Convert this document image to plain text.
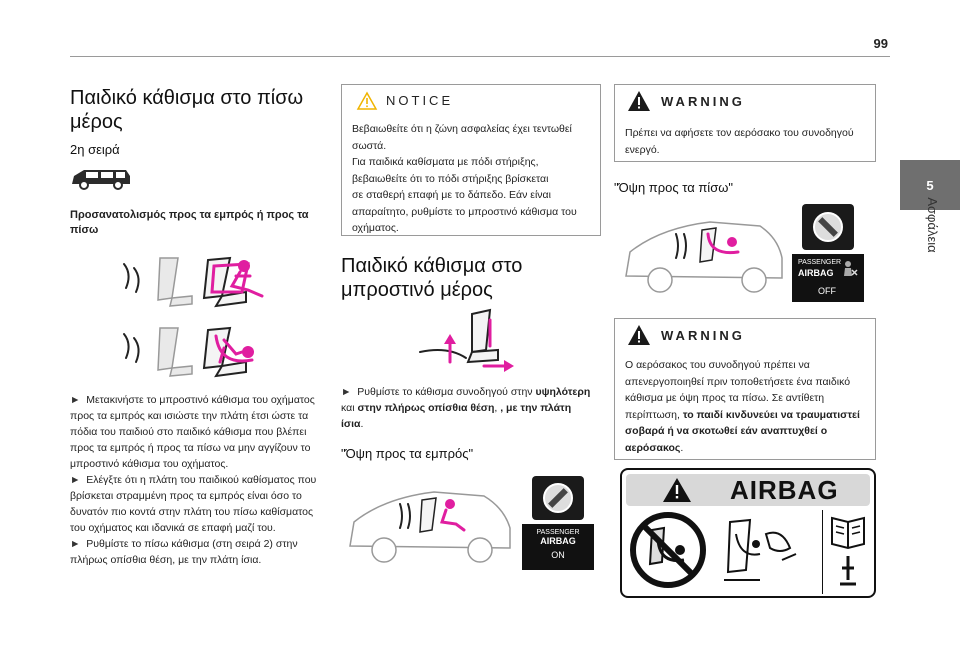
99
5
Ασφάλεια
Παιδικό κάθισμα στο πίσω
μέρος
2η σειρά
Προσανατολισμός προς τα εμπρός ή προς τα
πίσω

► Μετακινήστε το μπροστινό κάθισμα του οχήματος
προς τα εμπρός και ισιώστε την πλάτη έτσι ώστε τα
πόδια του παιδιού στο παιδικό κάθισμα που βλέπει
προς τα εμπρός ή προς τα πίσω να μην αγγίζουν το
μπροστινό κάθισμα του οχήματος.

► Ελέγξτε ότι η πλάτη του παιδικού καθίσματος που
βρίσκεται στραμμένη προς τα εμπρός είναι όσο το
δυνατόν πιο κοντά στην πλάτη του πίσω καθίσματος
του οχήματος και ιδανικά σε επαφή μαζί του.

► Ρυθμίστε το πίσω κάθισμα (στη σειρά 2) στην
πλήρως οπίσθια θέση, με την πλάτη ίσια.

NOTICE
Βεβαιωθείτε ότι η ζώνη ασφαλείας έχει τεντωθεί
σωστά.
Για παιδικά καθίσματα με πόδι στήριξης,
βεβαιωθείτε ότι το πόδι στήριξης βρίσκεται
σε σταθερή επαφή με το δάπεδο. Εάν είναι
απαραίτητο, ρυθμίστε το μπροστινό κάθισμα του
οχήματος.
Παιδικό κάθισμα στο
μπροστινό μέρος
► Ρυθμίστε το κάθισμα συνοδηγού στην υψηλότερη
και στην πλήρως οπίσθια θέση, , με την πλάτη
ίσια.
"Όψη προς τα εμπρός"
PASSENGER
AIRBAG
ON
WARNING
Πρέπει να αφήσετε τον αερόσακο του συνοδηγού
ενεργό.
"Όψη προς τα πίσω"
PASSENGER
AIRBAG
OFF
WARNING
Ο αερόσακος του συνοδηγού πρέπει να
απενεργοποιηθεί πριν τοποθετήσετε ένα παιδικό
κάθισμα με όψη προς τα πίσω. Σε αντίθετη
περίπτωση, το παιδί κινδυνεύει να τραυματιστεί
σοβαρά ή να σκοτωθεί εάν αναπτυχθεί ο
αερόσακος.
AIRBAG
